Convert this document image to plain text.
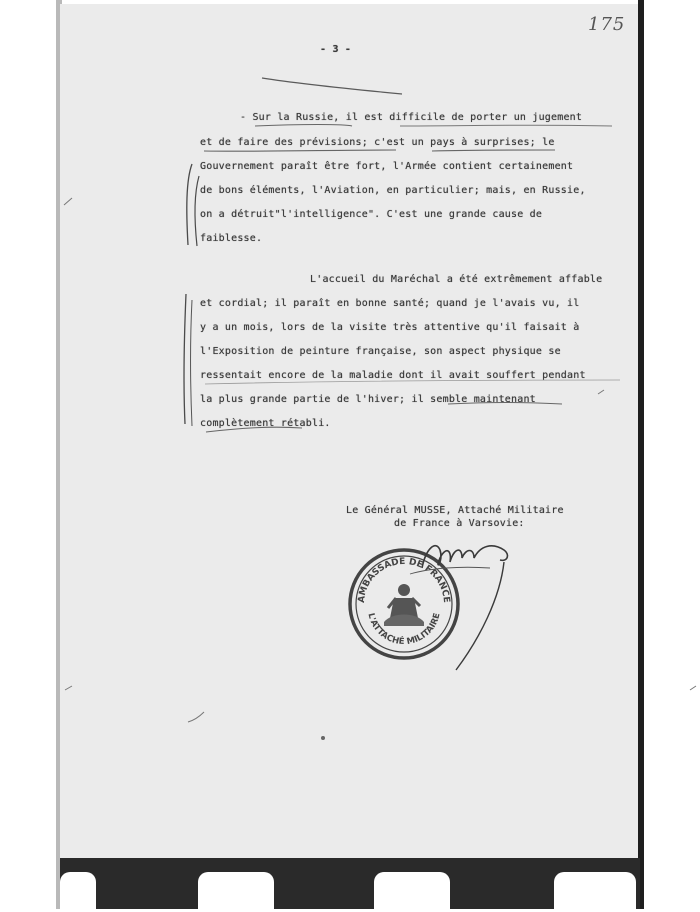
175
- 3 -
- Sur la Russie, il est difficile de porter un jugement
et de faire des prévisions; c'est un pays à surprises; le
Gouvernement paraît être fort, l'Armée contient certainement
de bons éléments, l'Aviation, en particulier; mais, en Russie,
on a détruit"l'intelligence". C'est une grande cause de
faiblesse.
L'accueil du Maréchal a été extrêmement affable
et cordial; il paraît en bonne santé; quand je l'avais vu, il
y a un mois, lors de la visite très attentive qu'il faisait à
l'Exposition de peinture française, son aspect physique se
ressentait encore de la maladie dont il avait souffert pendant
la plus grande partie de l'hiver; il semble maintenant
complètement rétabli.
Le Général MUSSE, Attaché Militaire
de France à Varsovie:
AMBASSADE DE FRANCE
L'ATTACHÉ MILITAIRE
